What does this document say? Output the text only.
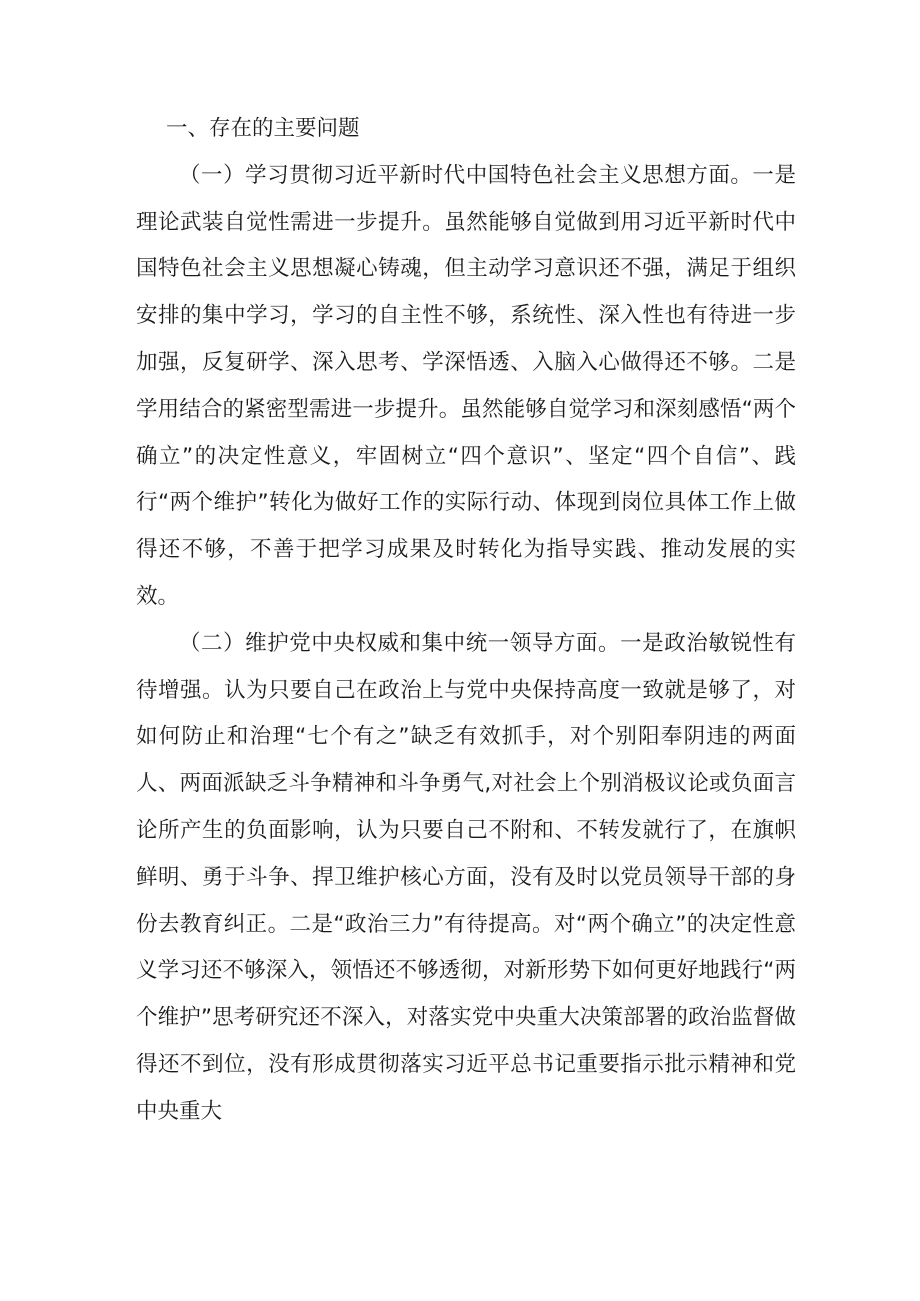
一、存在的主要问题

（一）学习贯彻习近平新时代中国特色社会主义思想方面。一是理论武装自觉性需进一步提升。虽然能够自觉做到用习近平新时代中国特色社会主义思想凝心铸魂，但主动学习意识还不强，满足于组织安排的集中学习，学习的自主性不够，系统性、深入性也有待进一步加强，反复研学、深入思考、学深悟透、入脑入心做得还不够。二是学用结合的紧密型需进一步提升。虽然能够自觉学习和深刻感悟“两个确立”的决定性意义，牢固树立“四个意识”、坚定“四个自信”、践行“两个维护”转化为做好工作的实际行动、体现到岗位具体工作上做得还不够，不善于把学习成果及时转化为指导实践、推动发展的实效。

（二）维护党中央权威和集中统一领导方面。一是政治敏锐性有待增强。认为只要自己在政治上与党中央保持高度一致就是够了，对如何防止和治理“七个有之”缺乏有效抓手，对个别阳奉阴违的两面人、两面派缺乏斗争精神和斗争勇气,对社会上个别消极议论或负面言论所产生的负面影响，认为只要自己不附和、不转发就行了，在旗帜鲜明、勇于斗争、捍卫维护核心方面，没有及时以党员领导干部的身份去教育纠正。二是“政治三力”有待提高。对“两个确立”的决定性意义学习还不够深入，领悟还不够透彻，对新形势下如何更好地践行“两个维护”思考研究还不深入，对落实党中央重大决策部署的政治监督做得还不到位，没有形成贯彻落实习近平总书记重要指示批示精神和党中央重大
